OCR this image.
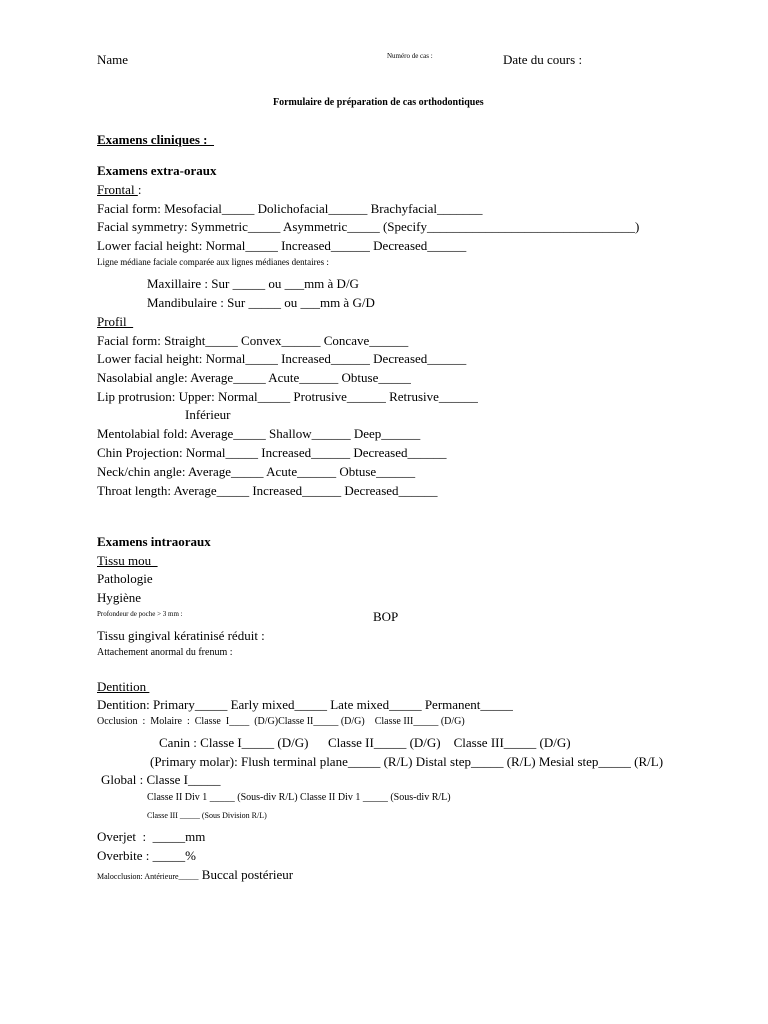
Name	Numéro de cas :	Date du cours :
Formulaire de préparation de cas orthodontiques
Examens cliniques :
Examens extra-oraux
Frontal :
Facial form: Mesofacial_____ Dolichofacial______ Brachyfacial_______
Facial symmetry: Symmetric_____ Asymmetric_____ (Specify________________________________)
Lower facial height: Normal_____ Increased______ Decreased______
Ligne médiane faciale comparée aux lignes médianes dentaires :
Maxillaire : Sur _____ ou ___mm à D/G
Mandibulaire : Sur _____ ou ___mm à G/D
Profil
Facial form: Straight_____ Convex______ Concave______
Lower facial height: Normal_____ Increased______ Decreased______
Nasolabial angle: Average_____ Acute______ Obtuse_____
Lip protrusion: Upper: Normal_____ Protrusive______ Retrusive______
Inférieur
Mentolabial fold: Average_____ Shallow______ Deep______
Chin Projection: Normal_____ Increased______ Decreased______
Neck/chin angle: Average_____ Acute______ Obtuse______
Throat length: Average_____ Increased______ Decreased______
Examens intraoraux
Tissu mou
Pathologie
Hygiène
Profondeur de poche > 3 mm :	BOP
Tissu gingival kératinisé réduit :
Attachement anormal du frenum :
Dentition
Dentition: Primary_____ Early mixed_____ Late mixed_____ Permanent_____
Occlusion  :  Molaire  :  Classe  I____  (D/G)Classe II_____ (D/G)    Classe III_____ (D/G)
Canin : Classe I_____ (D/G)      Classe II_____ (D/G)    Classe III_____ (D/G)
(Primary molar): Flush terminal plane_____ (R/L) Distal step_____ (R/L) Mesial step_____ (R/L)
Global : Classe I_____
Classe II Div 1 _____ (Sous-div R/L) Classe II Div 1 _____ (Sous-div R/L)
Classe III _____ (Sous Division R/L)
Overjet  :  _____mm
Overbite : _____%
Malocclusion: Antérieure_____ Buccal postérieur
